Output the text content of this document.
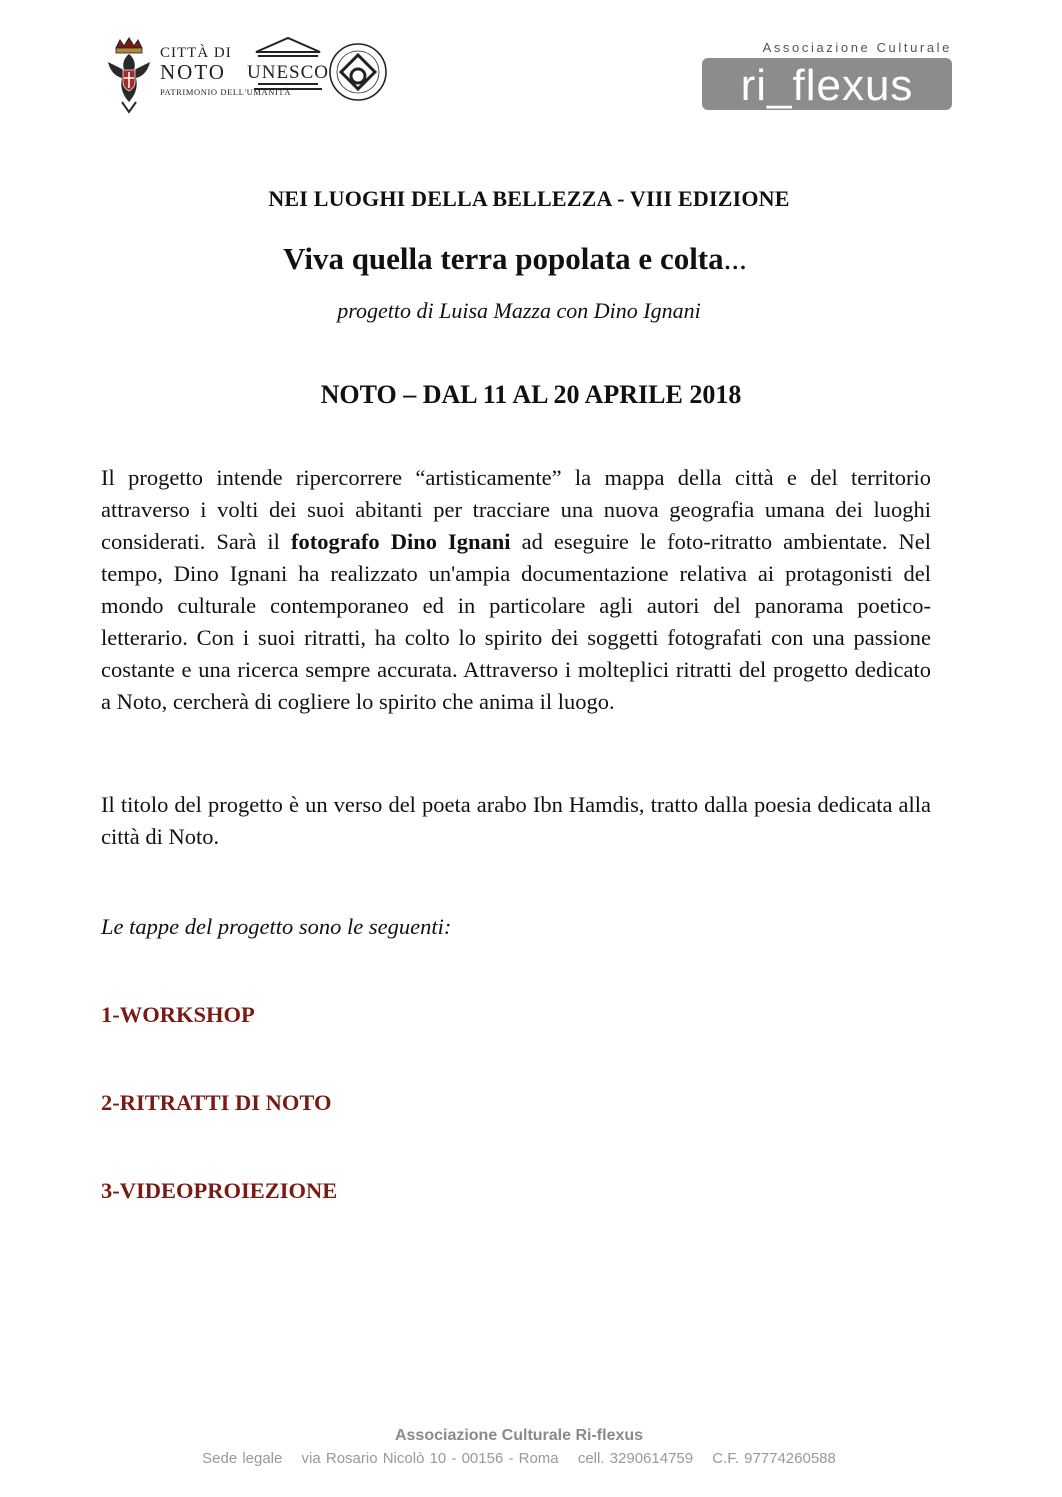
CITTÀ DI
NOTO
PATRIMONIO DELL'UMANITÀ
UNESCO
Associazione Culturale
ri_flexus
NEI LUOGHI DELLA BELLEZZA - VIII EDIZIONE
Viva quella terra popolata e colta...
progetto di Luisa Mazza con Dino Ignani
NOTO – DAL 11 AL 20 APRILE 2018

Il progetto intende ripercorrere “artisticamente” la mappa della città e del territorio attraverso i volti dei suoi abitanti per tracciare una nuova geografia umana dei luoghi considerati. Sarà il fotografo Dino Ignani ad eseguire le foto-ritratto ambientate. Nel tempo, Dino Ignani ha realizzato un'ampia documentazione relativa ai protagonisti del mondo culturale contemporaneo ed in particolare agli autori del panorama poetico-letterario. Con i suoi ritratti, ha colto lo spirito dei soggetti fotografati con una passione costante e una ricerca sempre accurata. Attraverso i molteplici ritratti del progetto dedicato a Noto, cercherà di cogliere lo spirito che anima il luogo.

Il titolo del progetto è un verso del poeta arabo Ibn Hamdis, tratto dalla poesia dedicata alla città di Noto.

Le tappe del progetto sono le seguenti:
1-WORKSHOP
2-RITRATTI DI NOTO
3-VIDEOPROIEZIONE
Associazione Culturale Ri-flexus
Sede legale via Rosario Nicolò 10 - 00156 - Roma cell. 3290614759 C.F. 97774260588
